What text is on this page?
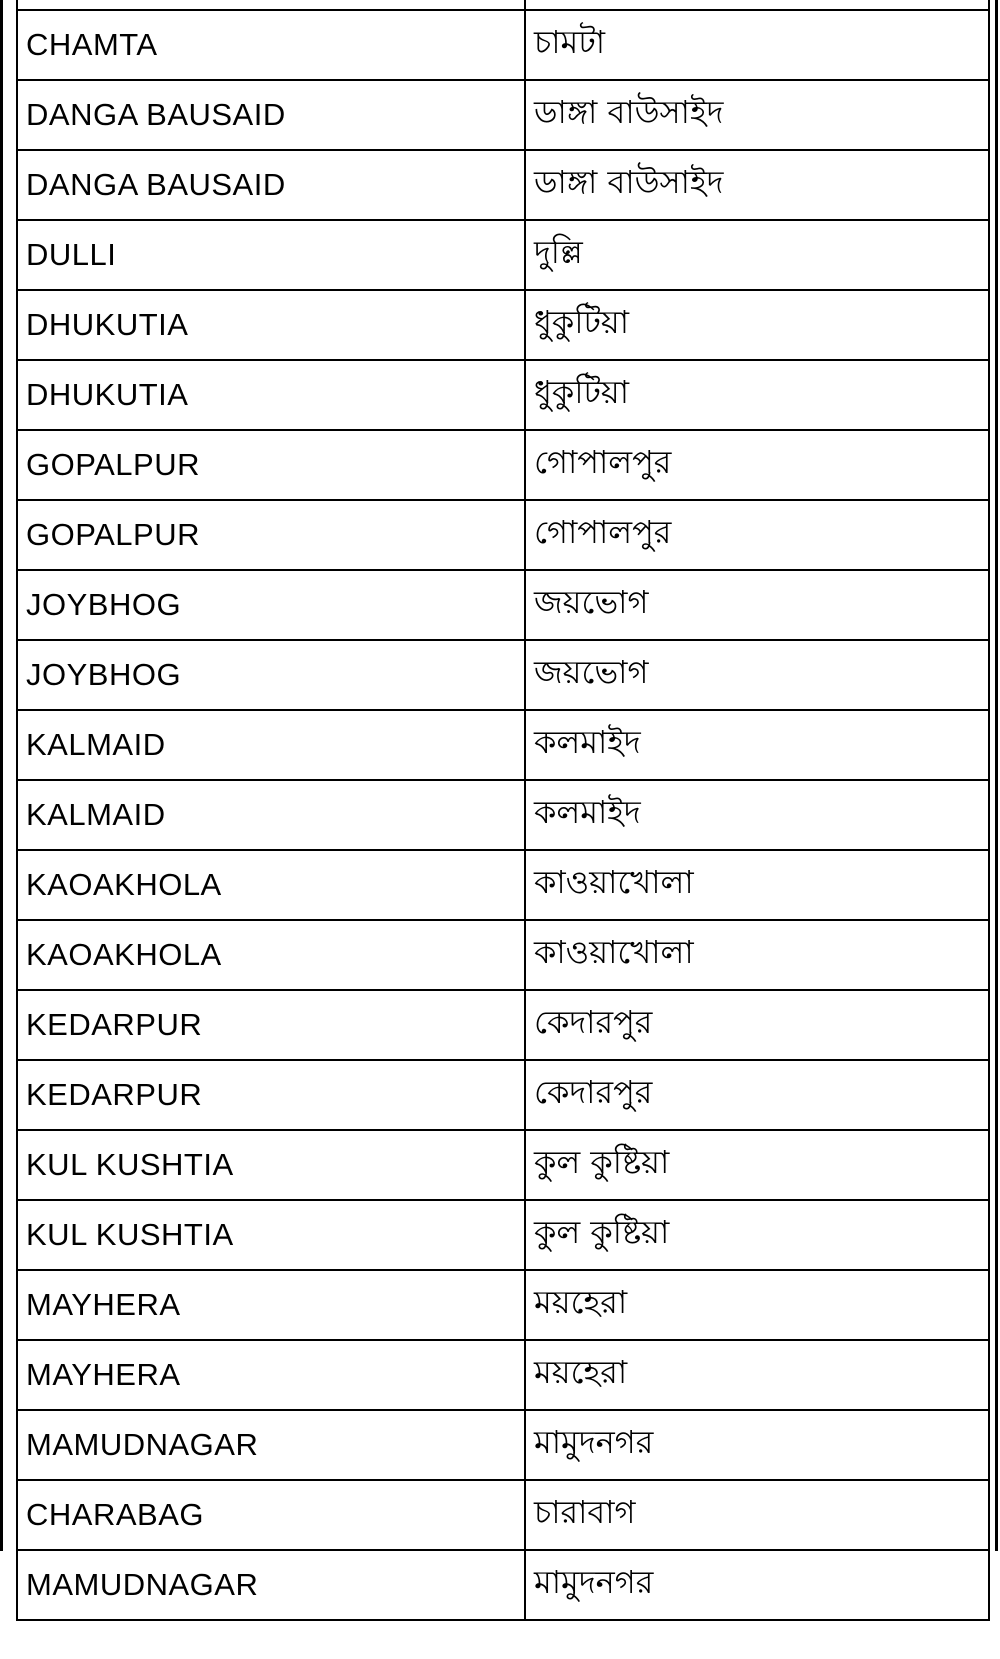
CHAMTA	চামটা
DANGA BAUSAID	ডাঙ্গা বাউসাইদ
DANGA BAUSAID	ডাঙ্গা বাউসাইদ
DULLI	দুল্লি
DHUKUTIA	ধুকুটিয়া
DHUKUTIA	ধুকুটিয়া
GOPALPUR	গোপালপুর
GOPALPUR	গোপালপুর
JOYBHOG	জয়ভোগ
JOYBHOG	জয়ভোগ
KALMAID	কলমাইদ
KALMAID	কলমাইদ
KAOAKHOLA	কাওয়াখোলা
KAOAKHOLA	কাওয়াখোলা
KEDARPUR	কেদারপুর
KEDARPUR	কেদারপুর
KUL KUSHTIA	কুল কুষ্টিয়া
KUL KUSHTIA	কুল কুষ্টিয়া
MAYHERA	ময়হেরা
MAYHERA	ময়হেরা
MAMUDNAGAR	মামুদনগর
CHARABAG	চারাবাগ
MAMUDNAGAR	মামুদনগর
